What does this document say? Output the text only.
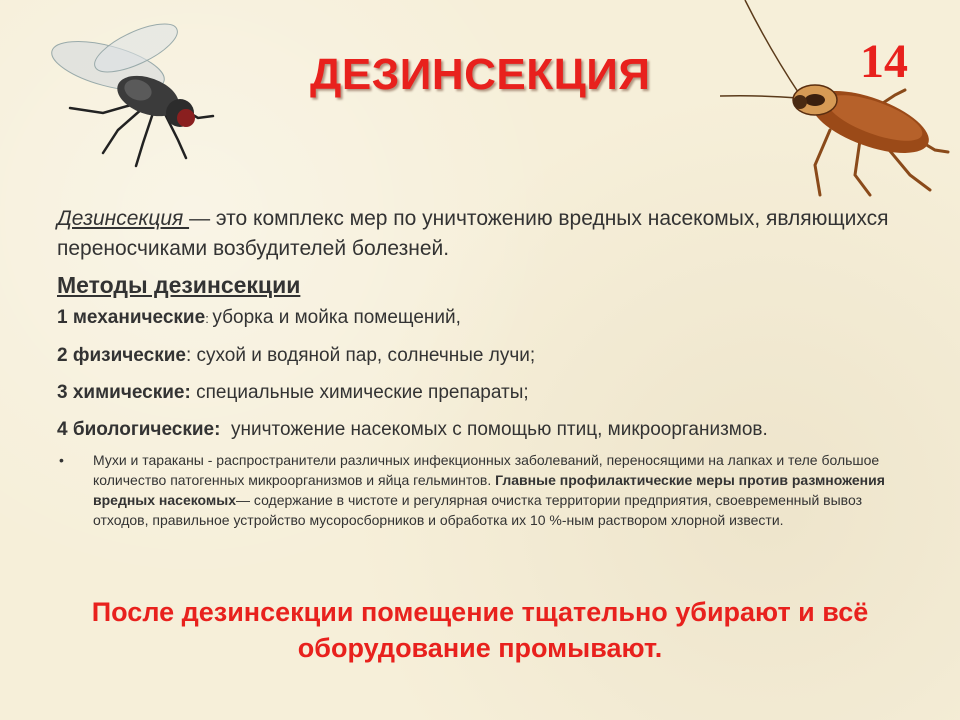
ДЕЗИНСЕКЦИЯ	14

Дезинсекция — это комплекс мер по уничтожению вредных насекомых, являющихся переносчиками возбудителей болезней.

Методы дезинсекции

1 механические: уборка и мойка помещений,

2 физические: сухой и водяной пар, солнечные лучи;

3 химические: специальные химические препараты;

4 биологические: уничтожение насекомых с помощью птиц, микроорганизмов.

• Мухи и тараканы - распространители различных инфекционных заболеваний, переносящими на лапках и теле большое количество патогенных микроорганизмов и яйца гельминтов. Главные профилактические меры против размножения вредных насекомых— содержание в чистоте и регулярная очистка территории предприятия, своевременный вывоз отходов, правильное устройство мусоросборников и обработка их 10 %-ным раствором хлорной извести.
После дезинсекции помещение тщательно убирают и всё оборудование промывают.
